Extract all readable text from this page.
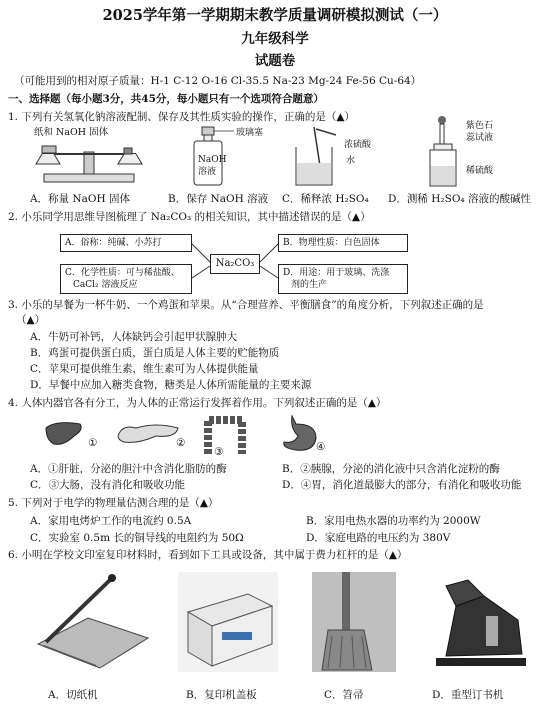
2025学年第一学期期末教学质量调研模拟测试（一）
九年级科学
试题卷
（可能用到的相对原子质量：H-1 C-12 O-16 Cl-35.5 Na-23 Mg-24 Fe-56 Cu-64）
一、选择题（每小题3分，共45分，每小题只有一个选项符合题意）
1. 下列有关氢氧化钠溶液配制、保存及其性质实验的操作，正确的是（▲）
纸和 NaOH 固体	玻璃塞
NaOH
溶液
浓硫酸
水
紫色石
蕊试液
稀硫酸
A．称量 NaOH 固体	B．保存 NaOH 溶液 C．稀释浓 H₂SO₄ D．测稀 H₂SO₄ 溶液的酸碱性
2. 小乐同学用思维导图梳理了 Na₂CO₃ 的相关知识，其中描述错误的是（▲）
A．俗称：纯碱、小苏打
Na₂CO₃
B．物理性质：白色固体
C．化学性质：可与稀盐酸、
CaCl₂ 溶液反应
D．用途：用于玻璃、洗涤
剂的生产
3. 小乐的早餐为一杯牛奶、一个鸡蛋和苹果。从“合理营养、平衡膳食”的角度分析，下列叙述正确的是
（▲）
A．牛奶可补钙，人体缺钙会引起甲状腺肿大
B．鸡蛋可提供蛋白质，蛋白质是人体主要的贮能物质
C．苹果可提供维生素，维生素可为人体提供能量
D．早餐中应加入糖类食物，糖类是人体所需能量的主要来源
4. 人体内器官各有分工，为人体的正常运行发挥着作用。下列叙述正确的是（▲）
①	②
③	④
A．①肝脏，分泌的胆汁中含消化脂肪的酶	B．②胰腺，分泌的消化液中只含消化淀粉的酶
C．③大肠，没有消化和吸收功能	D．④胃，消化道最膨大的部分，有消化和吸收功能
5. 下列对于电学的物理量估测合理的是（▲）
A．家用电烤炉工作的电流约 0.5A	B．家用电热水器的功率约为 2000W
C．实验室 0.5m 长的铜导线的电阻约为 50Ω	D．家庭电路的电压约为 380V
6. 小明在学校文印室复印材料时，看到如下工具或设备，其中属于费力杠杆的是（▲）
A．切纸机	B．复印机盖板	C．笤帚	D．重型订书机
